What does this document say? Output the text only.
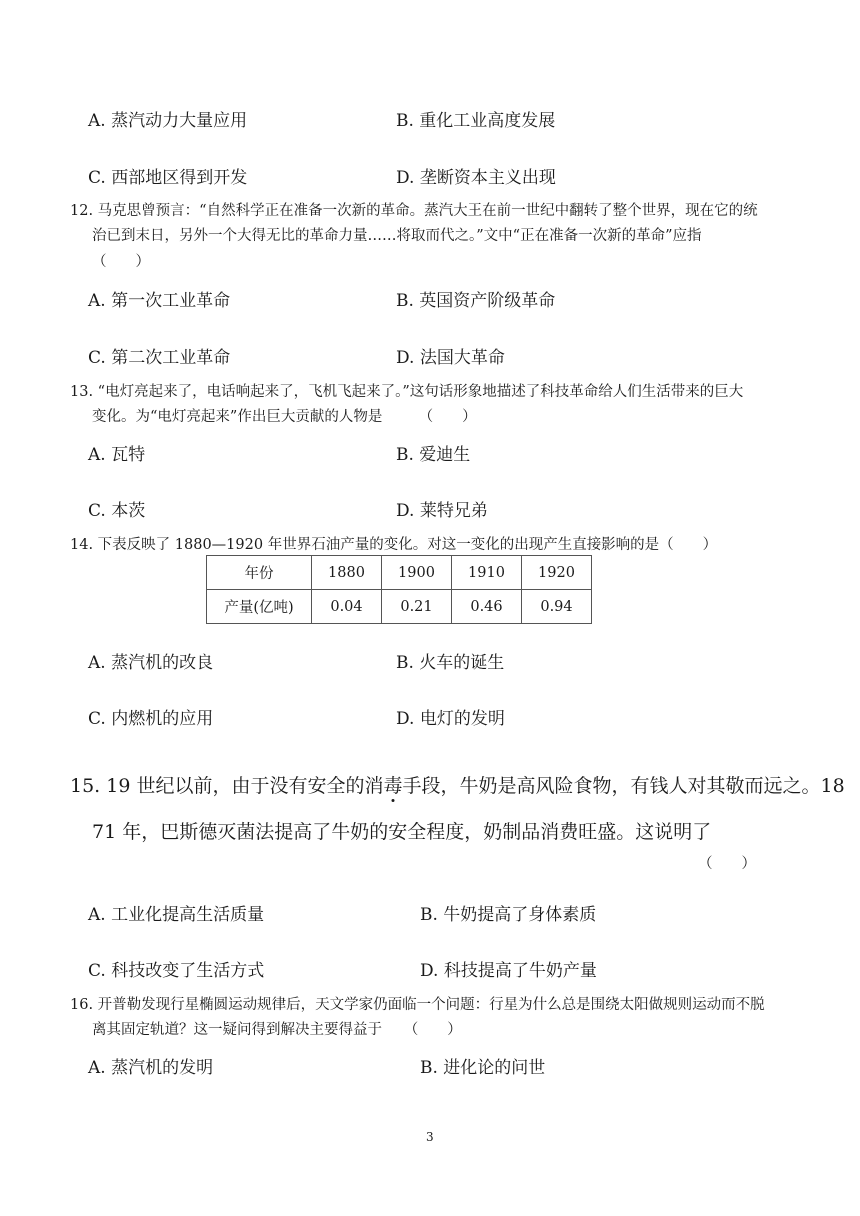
A. 蒸汽动力大量应用	B. 重化工业高度发展
C. 西部地区得到开发	D. 垄断资本主义出现
12. 马克思曾预言：“自然科学正在准备一次新的革命。蒸汽大王在前一世纪中翻转了整个世界，现在它的统
治已到末日，另外一个大得无比的革命力量……将取而代之。”文中“正在准备一次新的革命”应指
（　　）
A. 第一次工业革命	B. 英国资产阶级革命
C. 第二次工业革命	D. 法国大革命
13. “电灯亮起来了，电话响起来了，飞机飞起来了。”这句话形象地描述了科技革命给人们生活带来的巨大
变化。为“电灯亮起来”作出巨大贡献的人物是　　　（　　）
A. 瓦特	B. 爱迪生
C. 本茨	D. 莱特兄弟
14. 下表反映了 1880—1920 年世界石油产量的变化。对这一变化的出现产生直接影响的是（　　）
年份	1880	1900	1910	1920
产量(亿吨)	0.04	0.21	0.46	0.94
A. 蒸汽机的改良	B. 火车的诞生
C. 内燃机的应用	D. 电灯的发明
15. 19 世纪以前，由于没有安全的消毒手段，牛奶是高风险食物，有钱人对其敬而远之。18
71 年，巴斯德灭菌法提高了牛奶的安全程度，奶制品消费旺盛。这说明了
（　　）
A. 工业化提高生活质量	B. 牛奶提高了身体素质
C. 科技改变了生活方式	D. 科技提高了牛奶产量
16. 开普勒发现行星椭圆运动规律后，天文学家仍面临一个问题：行星为什么总是围绕太阳做规则运动而不脱
离其固定轨道？这一疑问得到解决主要得益于　　（　　）
A. 蒸汽机的发明	B. 进化论的问世
3
